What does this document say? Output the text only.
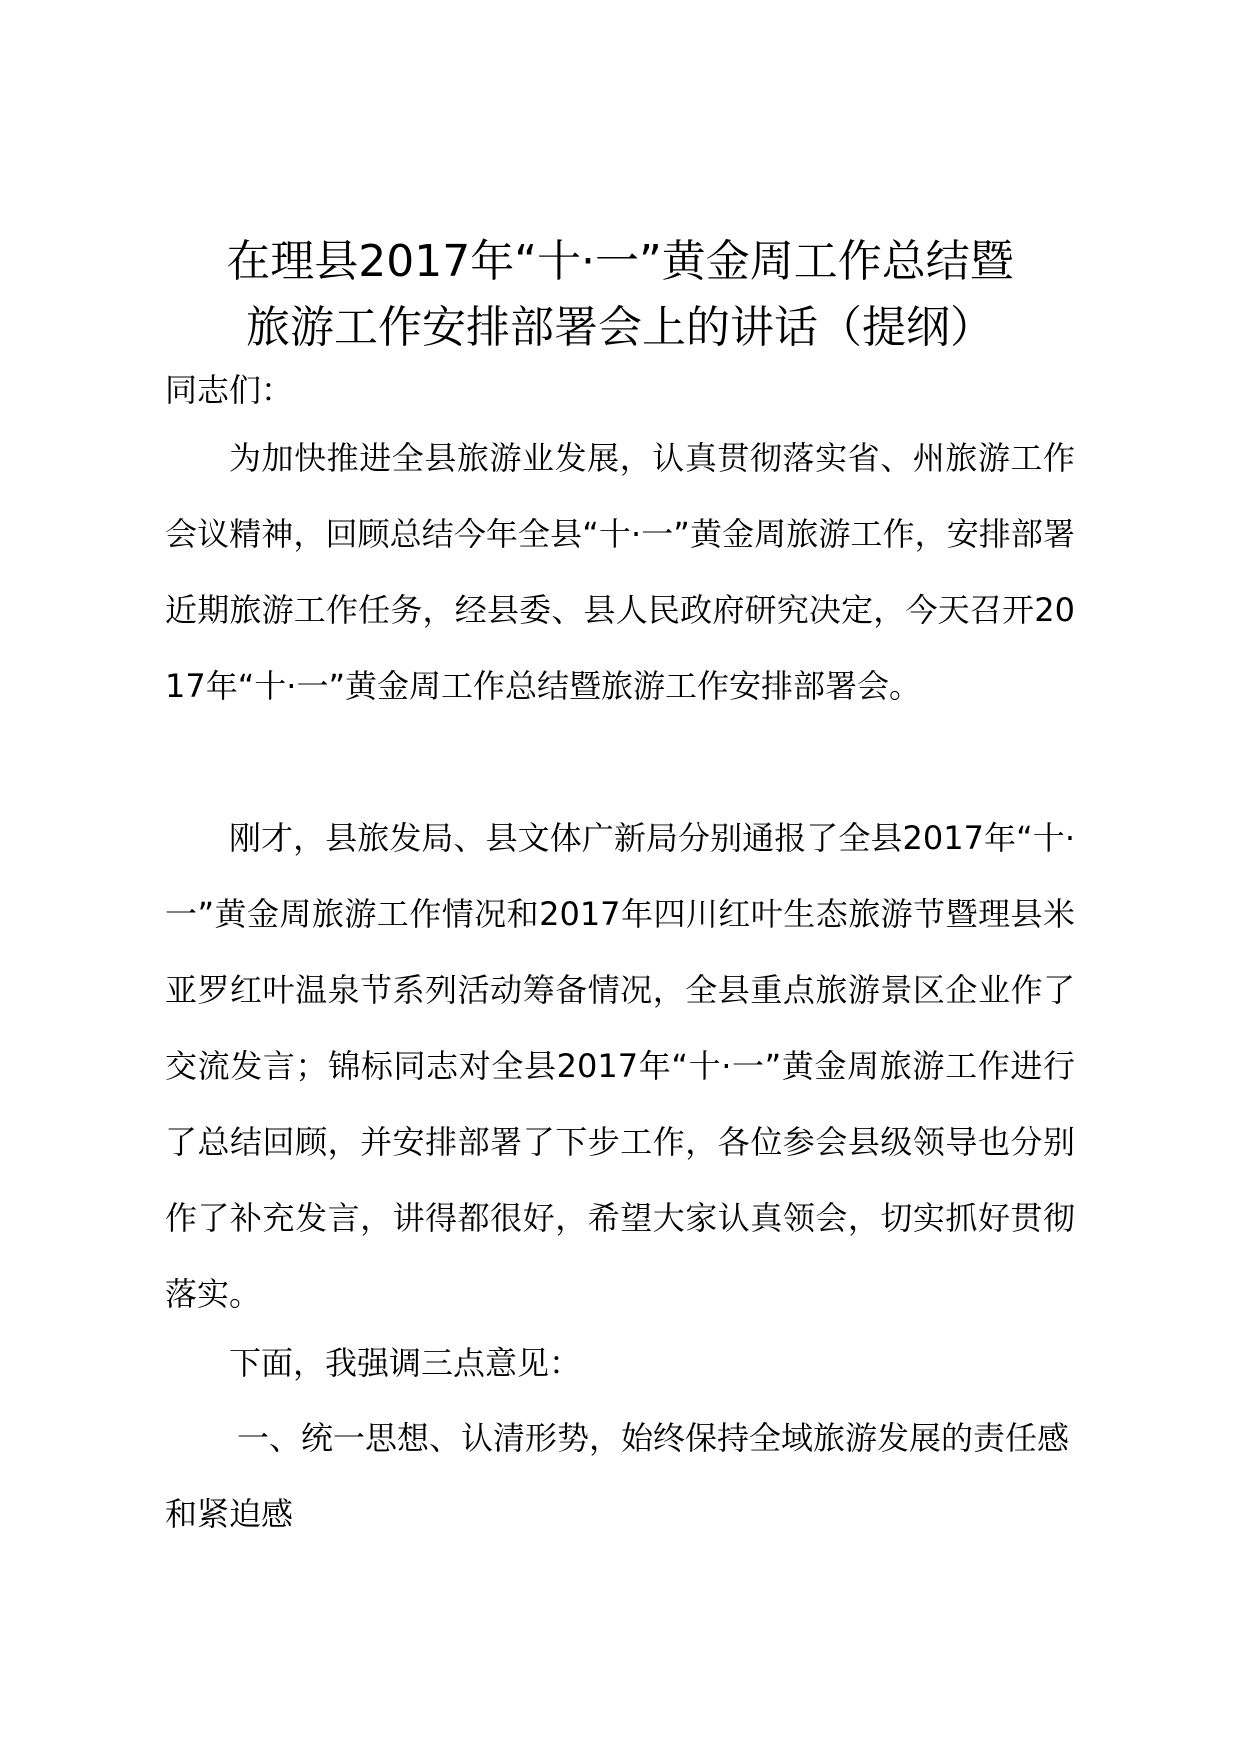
在理县2017年“十·一”黄金周工作总结暨
旅游工作安排部署会上的讲话（提纲）
同志们：
为加快推进全县旅游业发展，认真贯彻落实省、州旅游工作会议精神，回顾总结今年全县“十·一”黄金周旅游工作，安排部署近期旅游工作任务，经县委、县人民政府研究决定，今天召开2017年“十·一”黄金周工作总结暨旅游工作安排部署会。
刚才，县旅发局、县文体广新局分别通报了全县2017年“十·一”黄金周旅游工作情况和2017年四川红叶生态旅游节暨理县米亚罗红叶温泉节系列活动筹备情况，全县重点旅游景区企业作了交流发言；锦标同志对全县2017年“十·一”黄金周旅游工作进行了总结回顾，并安排部署了下步工作，各位参会县级领导也分别作了补充发言，讲得都很好，希望大家认真领会，切实抓好贯彻落实。
下面，我强调三点意见：
一、统一思想、认清形势，始终保持全域旅游发展的责任感和紧迫感
